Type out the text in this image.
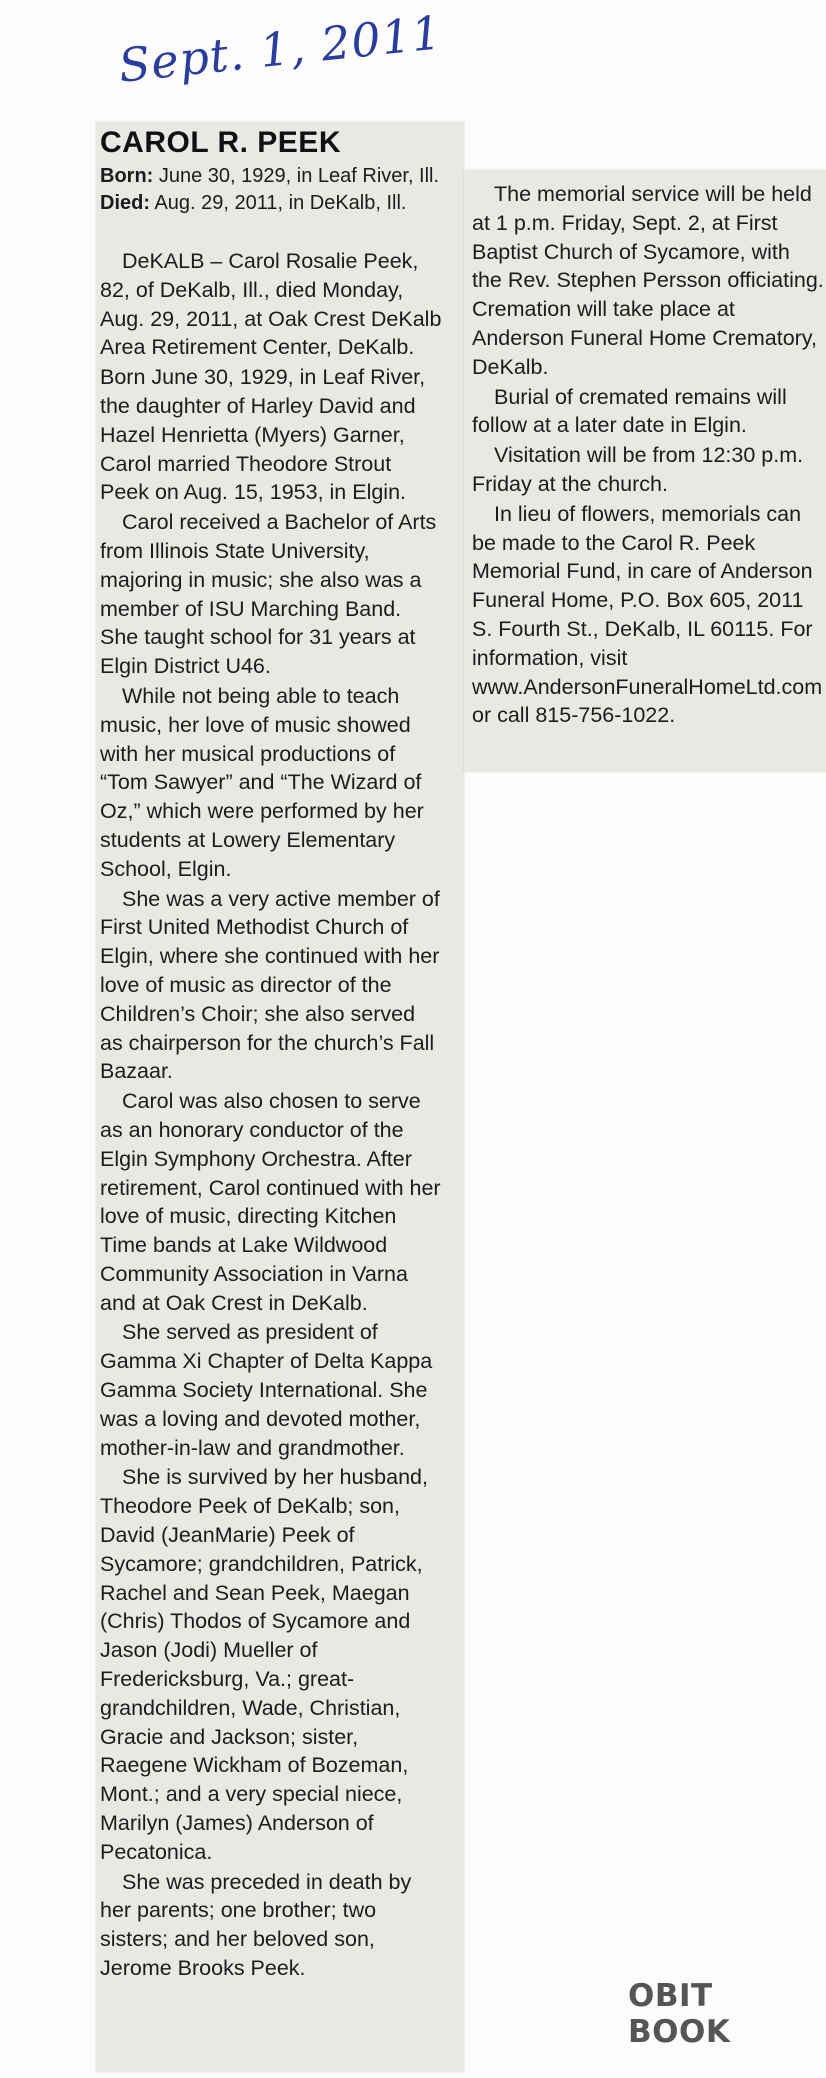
Sept. 1, 2011
CAROL R. PEEK

Born: June 30, 1929, in Leaf River, Ill.

Died: Aug. 29, 2011, in DeKalb, Ill.

DeKALB – Carol Rosalie Peek, 82, of DeKalb, Ill., died Monday, Aug. 29, 2011, at Oak Crest DeKalb Area Retirement Center, DeKalb.

Born June 30, 1929, in Leaf River, the daughter of Harley David and Hazel Henrietta (Myers) Garner, Carol married Theodore Strout Peek on Aug. 15, 1953, in Elgin.

Carol received a Bachelor of Arts from Illinois State University, majoring in music; she also was a member of ISU Marching Band. She taught school for 31 years at Elgin District U46.

While not being able to teach music, her love of music showed with her musical productions of “Tom Sawyer” and “The Wizard of Oz,” which were performed by her students at Lowery Elementary School, Elgin.

She was a very active member of First United Methodist Church of Elgin, where she continued with her love of music as director of the Children’s Choir; she also served as chairperson for the church’s Fall Bazaar.

Carol was also chosen to serve as an honorary conductor of the Elgin Symphony Orchestra. After retirement, Carol continued with her love of music, directing Kitchen Time bands at Lake Wildwood Community Association in Varna and at Oak Crest in DeKalb.

She served as president of Gamma Xi Chapter of Delta Kappa Gamma Society International. She was a loving and devoted mother, mother-in-law and grandmother.

She is survived by her husband, Theodore Peek of DeKalb; son, David (JeanMarie) Peek of Sycamore; grandchildren, Patrick, Rachel and Sean Peek, Maegan (Chris) Thodos of Sycamore and Jason (Jodi) Mueller of Fredericksburg, Va.; great-grandchildren, Wade, Christian, Gracie and Jackson; sister, Raegene Wickham of Bozeman, Mont.; and a very special niece, Marilyn (James) Anderson of Pecatonica.

She was preceded in death by her parents; one brother; two sisters; and her beloved son, Jerome Brooks Peek.

The memorial service will be held at 1 p.m. Friday, Sept. 2, at First Baptist Church of Sycamore, with the Rev. Stephen Persson officiating. Cremation will take place at Anderson Funeral Home Crematory, DeKalb.

Burial of cremated remains will follow at a later date in Elgin.

Visitation will be from 12:30 p.m. Friday at the church.

In lieu of flowers, memorials can be made to the Carol R. Peek Memorial Fund, in care of Anderson Funeral Home, P.O. Box 605, 2011 S. Fourth St., DeKalb, IL 60115. For information, visit www.AndersonFuneralHomeLtd.com or call 815-756-1022.

OBIT BOOK
